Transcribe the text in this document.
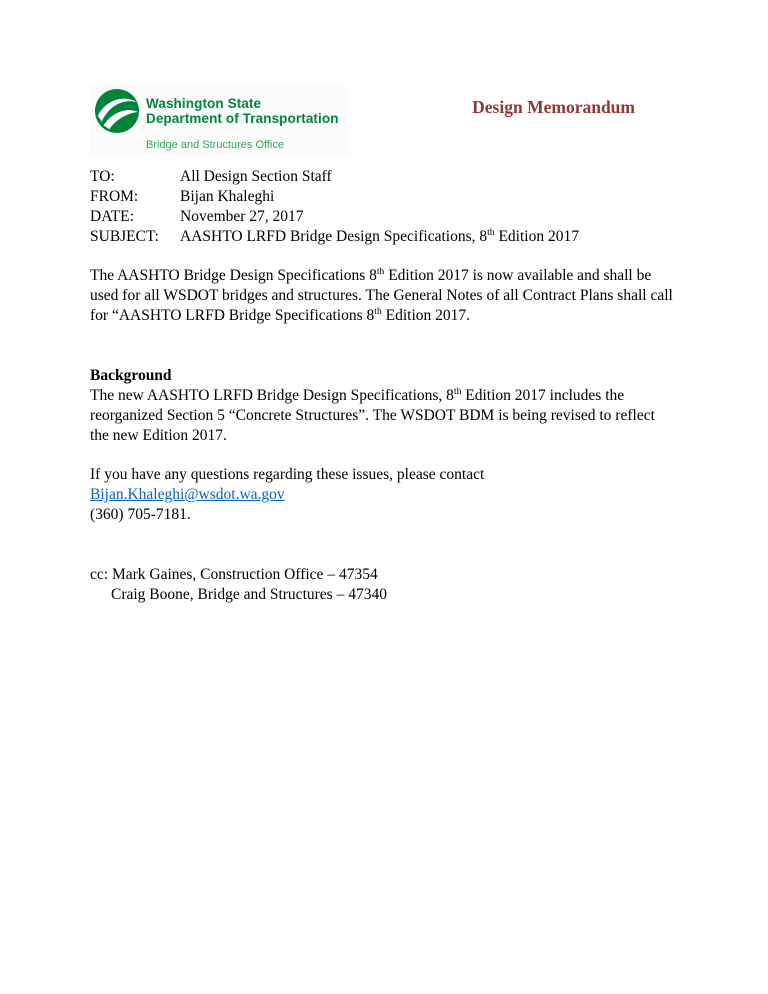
Washington State
Department of Transportation
Bridge and Structures Office
Design Memorandum
TO:	All Design Section Staff
FROM:	Bijan Khaleghi
DATE:	November 27, 2017
SUBJECT:	AASHTO LRFD Bridge Design Specifications, 8th Edition 2017

The AASHTO Bridge Design Specifications 8th Edition 2017 is now available and shall be used for all WSDOT bridges and structures. The General Notes of all Contract Plans shall call for “AASHTO LRFD Bridge Specifications 8th Edition 2017.

Background

The new AASHTO LRFD Bridge Design Specifications, 8th Edition 2017 includes the reorganized Section 5 “Concrete Structures”. The WSDOT BDM is being revised to reflect the new Edition 2017.

If you have any questions regarding these issues, please contact Bijan.Khaleghi@wsdot.wa.gov
(360) 705-7181.

cc: Mark Gaines, Construction Office – 47354
Craig Boone, Bridge and Structures – 47340
